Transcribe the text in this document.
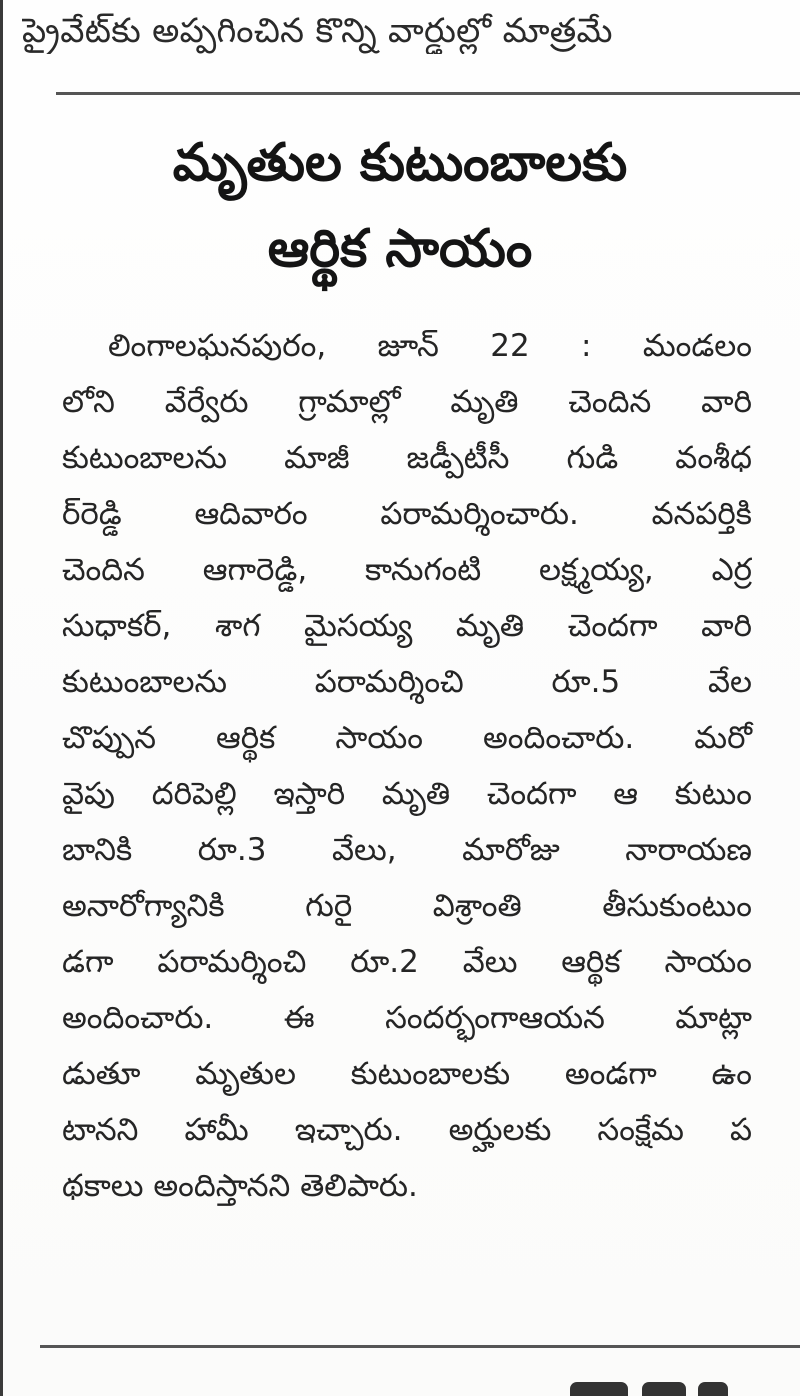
ప్రైవేట్‌కు అప్పగించిన కొన్ని వార్డుల్లో మాత్రమే
మృతుల కుటుంబాలకు
ఆర్థిక సాయం
లింగాలఘనపురం, జూన్ 22 : మండలం
లోని వేర్వేరు గ్రామాల్లో మృతి చెందిన వారి
కుటుంబాలను మాజీ జడ్పీటీసీ గుడి వంశీధ
ర్‌రెడ్డి ఆదివారం పరామర్శించారు. వనపర్తికి
చెందిన ఆగారెడ్డి, కానుగంటి లక్ష్మయ్య, ఎర్ర
సుధాకర్, శాగ మైసయ్య మృతి చెందగా వారి
కుటుంబాలను పరామర్శించి రూ.5 వేల
చొప్పున ఆర్థిక సాయం అందించారు. మరో
వైపు దరిపెల్లి ఇస్తారి మృతి చెందగా ఆ కుటుం
బానికి రూ.3 వేలు, మారోజు నారాయణ
అనారోగ్యానికి గురై విశ్రాంతి తీసుకుంటుం
డగా పరామర్శించి రూ.2 వేలు ఆర్థిక సాయం
అందించారు. ఈ సందర్భంగాఆయన మాట్లా
డుతూ మృతుల కుటుంబాలకు అండగా ఉం
టానని హామీ ఇచ్చారు. అర్హులకు సంక్షేమ ప
థకాలు అందిస్తానని తెలిపారు.
